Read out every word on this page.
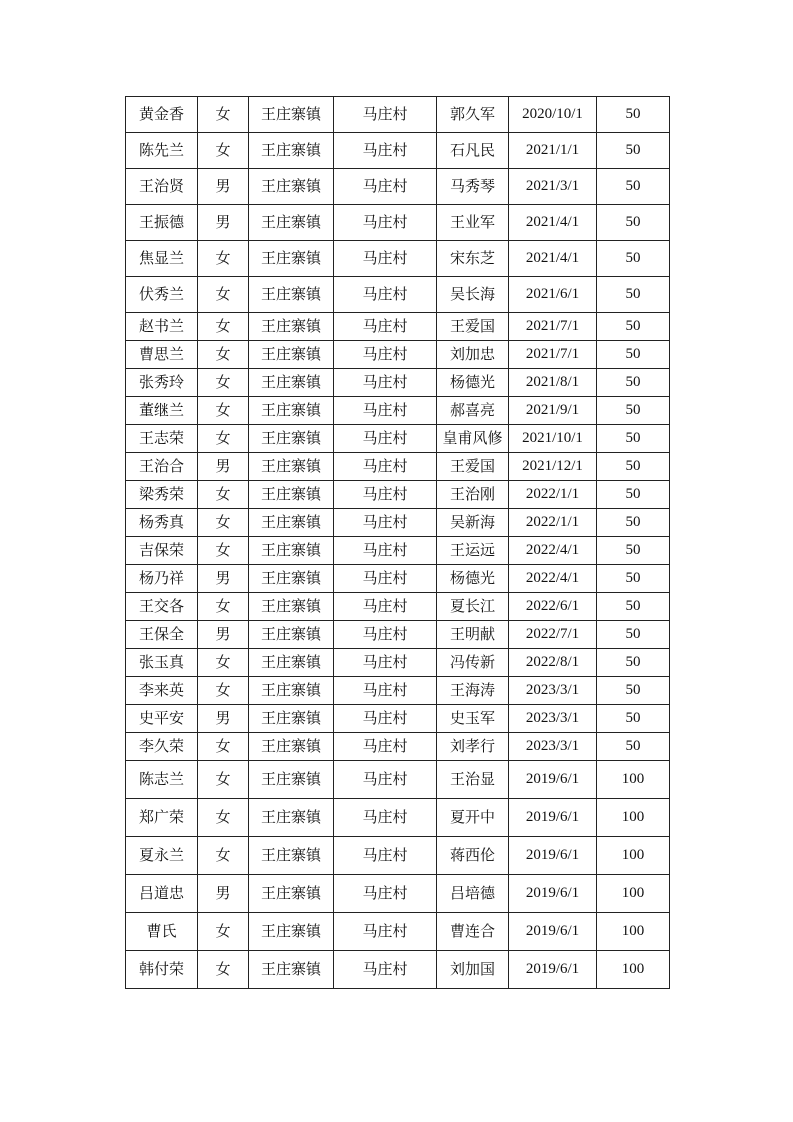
黄金香	女	王庄寨镇	马庄村	郭久军	2020/10/1	50
陈先兰	女	王庄寨镇	马庄村	石凡民	2021/1/1	50
王治贤	男	王庄寨镇	马庄村	马秀琴	2021/3/1	50
王振德	男	王庄寨镇	马庄村	王业军	2021/4/1	50
焦显兰	女	王庄寨镇	马庄村	宋东芝	2021/4/1	50
伏秀兰	女	王庄寨镇	马庄村	吴长海	2021/6/1	50
赵书兰	女	王庄寨镇	马庄村	王爱国	2021/7/1	50
曹思兰	女	王庄寨镇	马庄村	刘加忠	2021/7/1	50
张秀玲	女	王庄寨镇	马庄村	杨德光	2021/8/1	50
董继兰	女	王庄寨镇	马庄村	郝喜亮	2021/9/1	50
王志荣	女	王庄寨镇	马庄村	皇甫风修	2021/10/1	50
王治合	男	王庄寨镇	马庄村	王爱国	2021/12/1	50
梁秀荣	女	王庄寨镇	马庄村	王治刚	2022/1/1	50
杨秀真	女	王庄寨镇	马庄村	吴新海	2022/1/1	50
吉保荣	女	王庄寨镇	马庄村	王运远	2022/4/1	50
杨乃祥	男	王庄寨镇	马庄村	杨德光	2022/4/1	50
王交各	女	王庄寨镇	马庄村	夏长江	2022/6/1	50
王保全	男	王庄寨镇	马庄村	王明献	2022/7/1	50
张玉真	女	王庄寨镇	马庄村	冯传新	2022/8/1	50
李来英	女	王庄寨镇	马庄村	王海涛	2023/3/1	50
史平安	男	王庄寨镇	马庄村	史玉军	2023/3/1	50
李久荣	女	王庄寨镇	马庄村	刘孝行	2023/3/1	50
陈志兰	女	王庄寨镇	马庄村	王治显	2019/6/1	100
郑广荣	女	王庄寨镇	马庄村	夏开中	2019/6/1	100
夏永兰	女	王庄寨镇	马庄村	蒋西伦	2019/6/1	100
吕道忠	男	王庄寨镇	马庄村	吕培德	2019/6/1	100
曹氏	女	王庄寨镇	马庄村	曹连合	2019/6/1	100
韩付荣	女	王庄寨镇	马庄村	刘加国	2019/6/1	100
